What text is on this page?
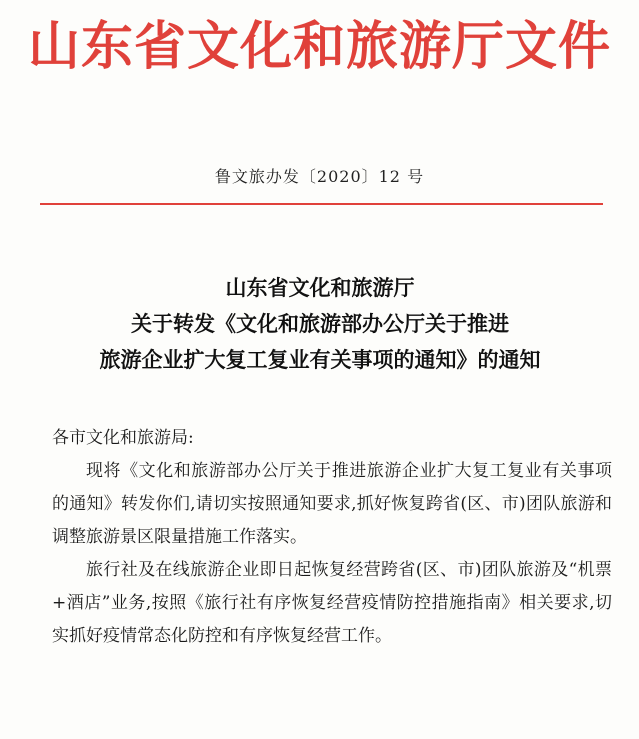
山东省文化和旅游厅文件
鲁文旅办发〔2020〕12 号
山东省文化和旅游厅
关于转发《文化和旅游部办公厅关于推进
旅游企业扩大复工复业有关事项的通知》的通知

各市文化和旅游局:

现将《文化和旅游部办公厅关于推进旅游企业扩大复工复业有关事项的通知》转发你们,请切实按照通知要求,抓好恢复跨省(区、市)团队旅游和调整旅游景区限量措施工作落实。

旅行社及在线旅游企业即日起恢复经营跨省(区、市)团队旅游及“机票+酒店”业务,按照《旅行社有序恢复经营疫情防控措施指南》相关要求,切实抓好疫情常态化防控和有序恢复经营工作。
